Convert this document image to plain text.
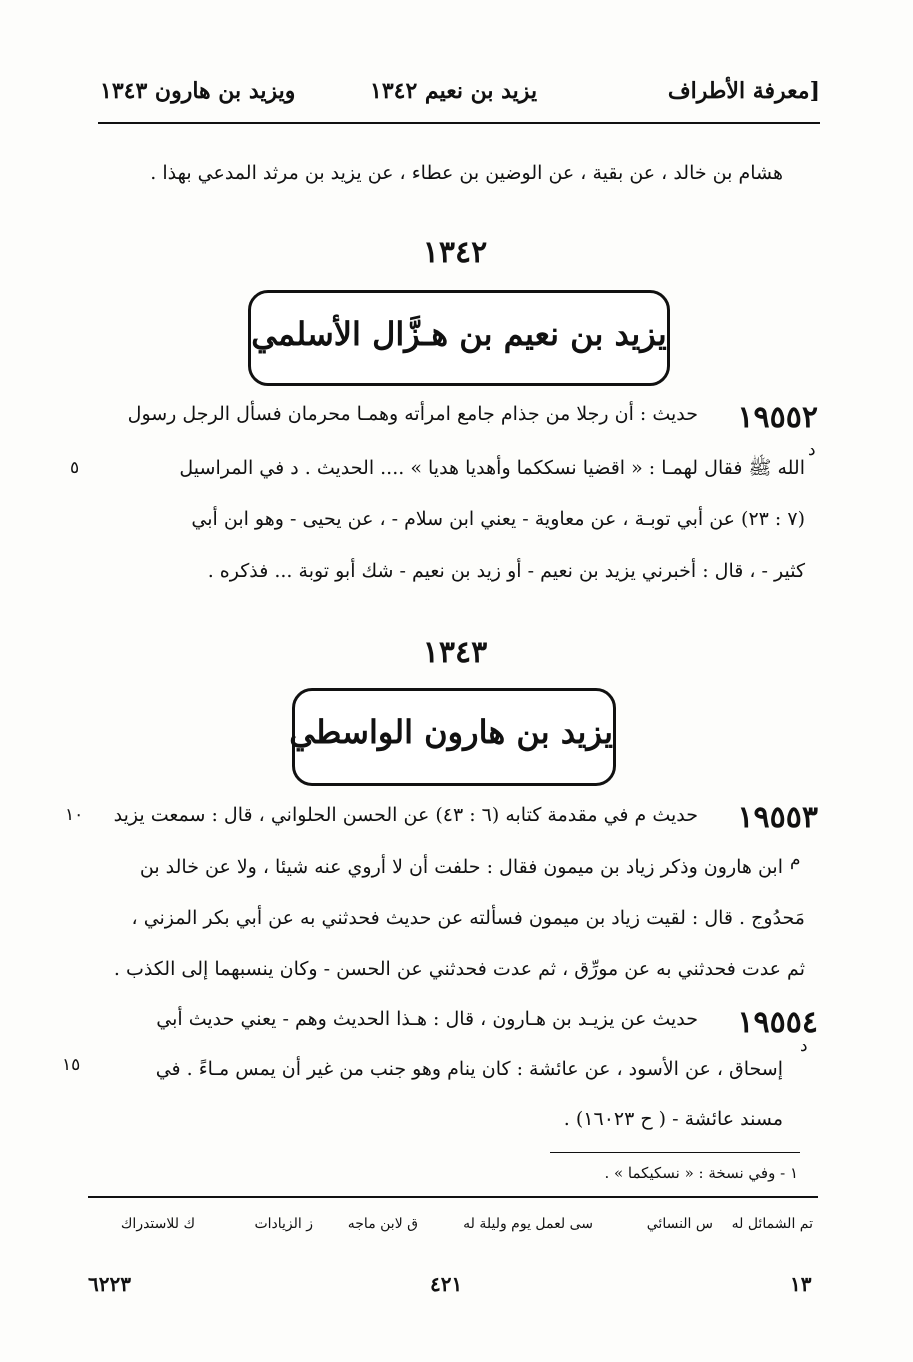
[معرفة الأطراف
يزيد بن نعيم ١٣٤٢
ويزيد بن هارون ١٣٤٣
هشام بن خالد ، عن بقية ، عن الوضين بن عطاء ، عن يزيد بن مرثد المدعي بهذا .
١٣٤٢
يزيد بن نعيم بن هـزَّال الأسلمي
١٩٥٥٢
د
٥
حديث : أن رجلا من جذام جامع امرأته وهمـا محرمان فسأل الرجل رسول
الله ﷺ فقال لهمـا : « اقضيا نسككما وأهديا هديا » .... الحديث . د في المراسيل
(٧ : ٢٣) عن أبي توبـة ، عن معاوية - يعني ابن سلام - ، عن يحيى - وهو ابن أبي
كثير - ، قال : أخبرني يزيد بن نعيم - أو زيد بن نعيم - شك أبو توبة ... فذكره .
١٣٤٣
يزيد بن هارون الواسطي
١٩٥٥٣
م
١٠	حديث م في مقدمة كتابه (٦ : ٤٣) عن الحسن الحلواني ، قال : سمعت يزيد
ابن هارون وذكر زياد بن ميمون فقال : حلفت أن لا أروي عنه شيئا ، ولا عن خالد بن
مَحدُوج . قال : لقيت زياد بن ميمون فسألته عن حديث فحدثني به عن أبي بكر المزني ،
ثم عدت فحدثني به عن مورِّق ، ثم عدت فحدثني عن الحسن - وكان ينسبهما إلى الكذب .
١٩٥٥٤
د
١٥
حديث عن يزيـد بن هـارون ، قال : هـذا الحديث وهم - يعني حديث أبي
إسحاق ، عن الأسود ، عن عائشة : كان ينام وهو جنب من غير أن يمس مـاءً . في
مسند عائشة - ( ح ١٦٠٢٣) .
١ - وفي نسخة : « نسكيكما » .
تم الشمائل له
س النسائي
سى لعمل يوم وليلة له
ق لابن ماجه
ز الزيادات
ك للاستدراك
١٣
٤٢١
٦٢٢٣
